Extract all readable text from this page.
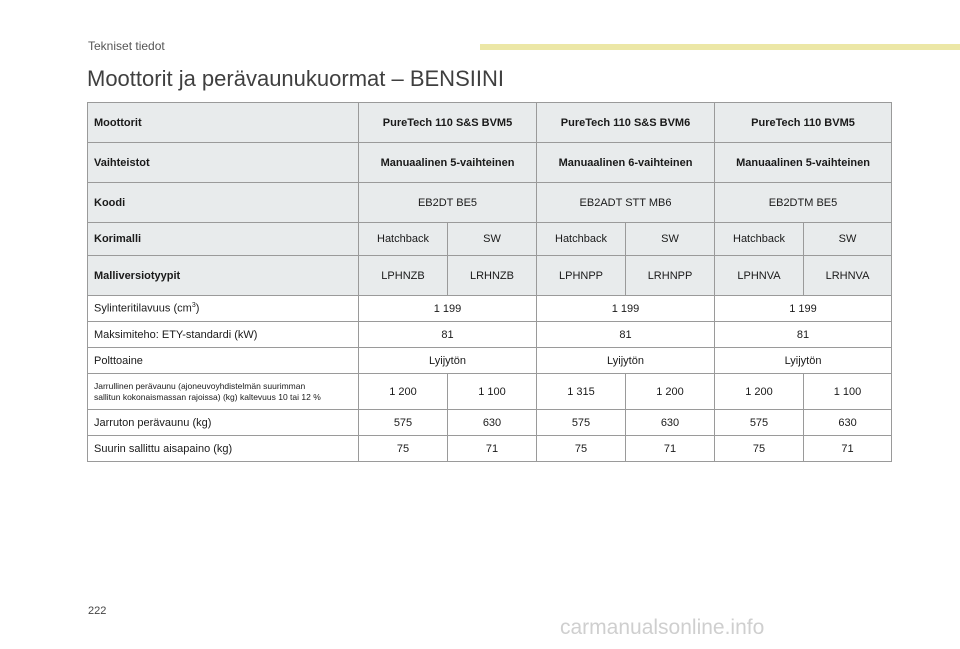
Tekniset tiedot
Moottorit ja perävaunukuormat – BENSIINI
Moottorit	PureTech 110 S&S BVM5		PureTech 110 S&S BVM6		PureTech 110 BVM5	
Vaihteistot	Manuaalinen 5-vaihteinen		Manuaalinen 6-vaihteinen		Manuaalinen 5-vaihteinen	
Koodi	EB2DT BE5		EB2ADT STT MB6		EB2DTM BE5	
Korimalli	Hatchback	SW	Hatchback	SW	Hatchback	SW
Malliversiotyypit	LPHNZB	LRHNZB	LPHNPP	LRHNPP	LPHNVA	LRHNVA
Sylinteritilavuus $(cm^3)$	1 199		1 199		1 199	
Maksimiteho: ETY-standardi (kW)	81		81		81	
Polttoaine	Lyijytön		Lyijytön		Lyijytön	

Jarrullinen perävaunu (ajoneuvoyhdistelmän suurimman
sallitun kokonaismassan rajoissa) (kg) kaltevuus 10 tai 12 %	1 200	1 100	1 315	1 200	1 200	1 100
Jarruton perävaunu (kg)	575	630	575	630	575	630
Suurin sallittu aisapaino (kg)	75	71	75	71	75	71
222
carmanualsonline.info
